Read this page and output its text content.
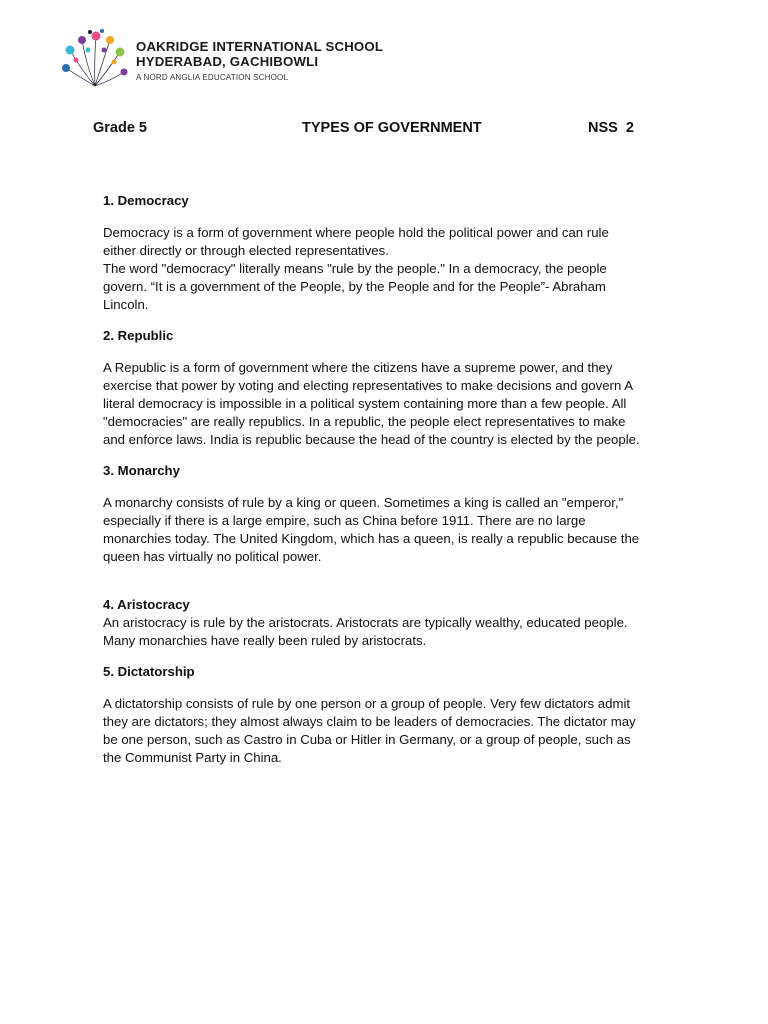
OAKRIDGE INTERNATIONAL SCHOOL
HYDERABAD, GACHIBOWLI
A NORD ANGLIA EDUCATION SCHOOL
Grade 5	TYPES OF GOVERNMENT	NSS  2

1. Democracy

Democracy is a form of government where people hold the political power and can rule
either directly or through elected representatives.
The word "democracy" literally means "rule by the people." In a democracy, the people
govern. “It is a government of the People, by the People and for the People”- Abraham
Lincoln.

2. Republic

A Republic is a form of government where the citizens have a supreme power, and they
exercise that power by voting and electing representatives to make decisions and govern A
literal democracy is impossible in a political system containing more than a few people. All
"democracies" are really republics. In a republic, the people elect representatives to make
and enforce laws. India is republic because the head of the country is elected by the people.

3. Monarchy

A monarchy consists of rule by a king or queen. Sometimes a king is called an "emperor,"
especially if there is a large empire, such as China before 1911. There are no large
monarchies today. The United Kingdom, which has a queen, is really a republic because the
queen has virtually no political power.

4. Aristocracy

An aristocracy is rule by the aristocrats. Aristocrats are typically wealthy, educated people.
Many monarchies have really been ruled by aristocrats.

5. Dictatorship

A dictatorship consists of rule by one person or a group of people. Very few dictators admit
they are dictators; they almost always claim to be leaders of democracies. The dictator may
be one person, such as Castro in Cuba or Hitler in Germany, or a group of people, such as
the Communist Party in China.
